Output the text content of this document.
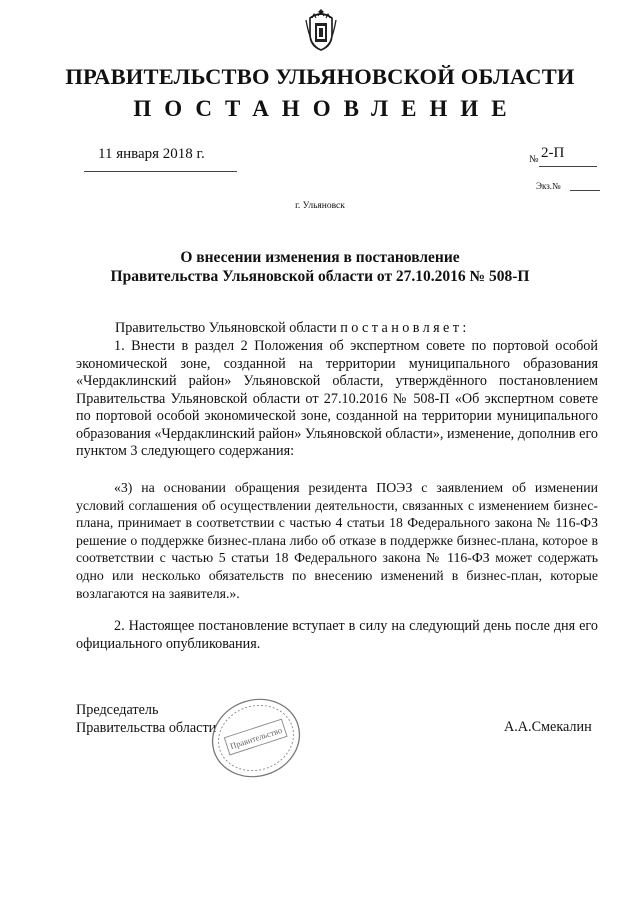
ПРАВИТЕЛЬСТВО УЛЬЯНОВСКОЙ ОБЛАСТИ
ПОСТАНОВЛЕНИЕ
11 января 2018 г.	№ 2-П
Экз.№
г. Ульяновск
О внесении изменения в постановление
Правительства Ульяновской области от 27.10.2016 № 508-П
Правительство Ульяновской области постановляет:
1. Внести в раздел 2 Положения об экспертном совете по портовой особой экономической зоне, созданной на территории муниципального образования «Чердаклинский район» Ульяновской области, утверждённого постановлением Правительства Ульяновской области от 27.10.2016 № 508-П «Об экспертном совете по портовой особой экономической зоне, созданной на территории муниципального образования «Чердаклинский район» Ульяновской области», изменение, дополнив его пунктом 3 следующего содержания:
«3) на основании обращения резидента ПОЭЗ с заявлением об изменении условий соглашения об осуществлении деятельности, связанных с изменением бизнес-плана, принимает в соответствии с частью 4 статьи 18 Федерального закона № 116-ФЗ решение о поддержке бизнес-плана либо об отказе в поддержке бизнес-плана, которое в соответствии с частью 5 статьи 18 Федерального закона № 116-ФЗ может содержать одно или несколько обязательств по внесению изменений в бизнес-план, которые возлагаются на заявителя.».
2. Настоящее постановление вступает в силу на следующий день после дня его официального опубликования.
Председатель
Правительства области	А.А.Смекалин
Правительство
